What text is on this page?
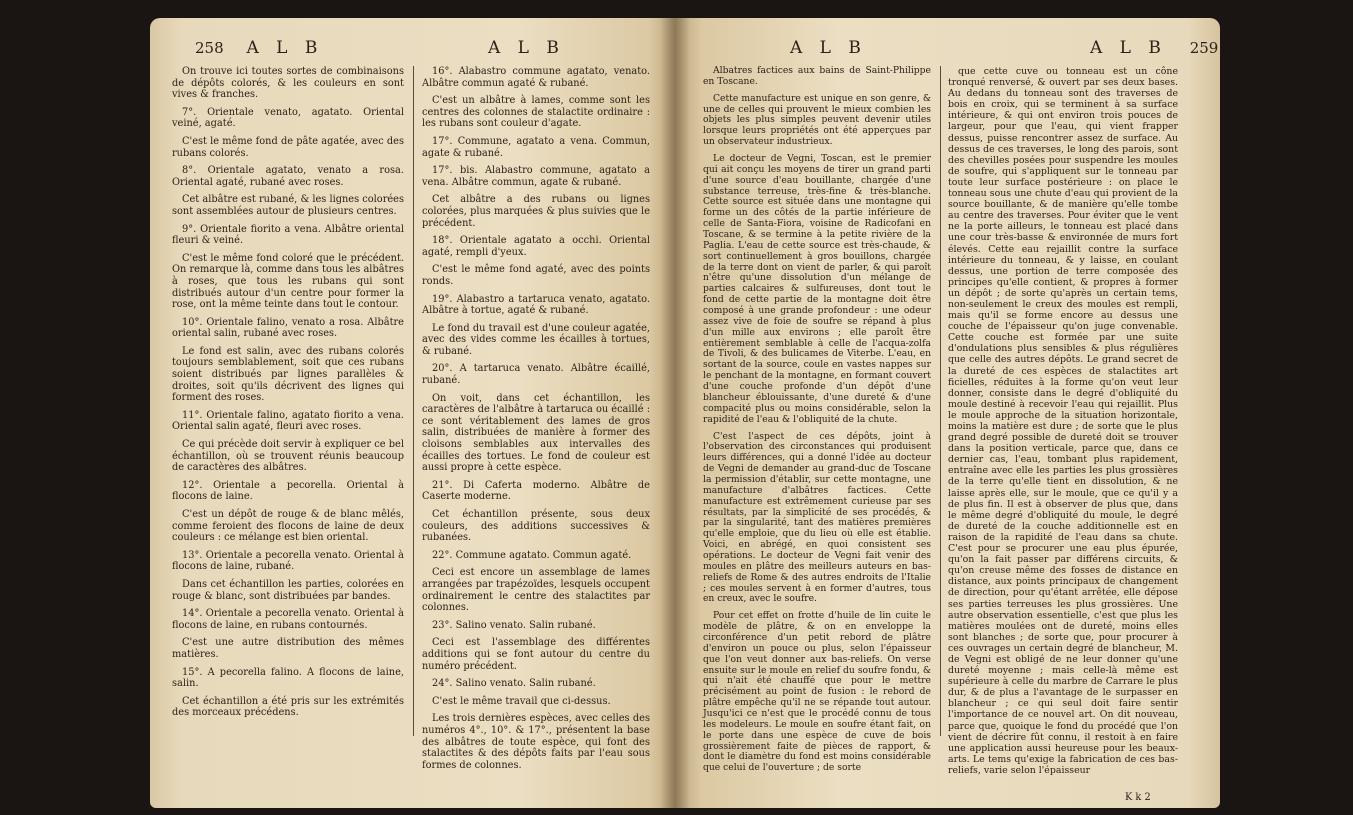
258 A L B	A L B	A L B	A L B 259

On trouve ici toutes sortes de combinaisons de dépôts colorés, & les couleurs en sont vives & franches.

7°. Orientale venato, agatato. Oriental veiné, agaté.

C'est le même fond de pâte agatée, avec des rubans colorés.

8°. Orientale agatato, venato a rosa. Oriental agaté, rubané avec roses.

Cet albâtre est rubané, & les lignes colorées sont assemblées autour de plusieurs centres.

9°. Orientale fiorito a vena. Albâtre oriental fleuri & veiné.

C'est le même fond coloré que le précédent. On remarque là, comme dans tous les albâtres à roses, que tous les rubans qui sont distribués autour d'un centre pour former la rose, ont la même teinte dans tout le contour.

10°. Orientale falino, venato a rosa. Albâtre oriental salin, rubané avec roses.

Le fond est salin, avec des rubans colorés toujours semblablement, soit que ces rubans soient distribués par lignes parallèles & droites, soit qu'ils décrivent des lignes qui forment des roses.

11°. Orientale falino, agatato fiorito a vena. Oriental salin agaté, fleuri avec roses.

Ce qui précède doit servir à expliquer ce bel échantillon, où se trouvent réunis beaucoup de caractères des albâtres.

12°. Orientale a pecorella. Oriental à flocons de laine.

C'est un dépôt de rouge & de blanc mêlés, comme feroient des flocons de laine de deux couleurs : ce mélange est bien oriental.

13°. Orientale a pecorella venato. Oriental à flocons de laine, rubané.

Dans cet échantillon les parties, colorées en rouge & blanc, sont distribuées par bandes.

14°. Orientale a pecorella venato. Oriental à flocons de laine, en rubans contournés.

C'est une autre distribution des mêmes matières.

15°. A pecorella falino. A flocons de laine, salin.

Cet échantillon a été pris sur les extrémités des morceaux précédens.

16°. Alabastro commune agatato, venato. Albâtre commun agaté & rubané.

C'est un albâtre à lames, comme sont les centres des colonnes de stalactite ordinaire : les rubans sont couleur d'agate.

17°. Commune, agatato a vena. Commun, agate & rubané.

17°. bis. Alabastro commune, agatato a vena. Albâtre commun, agate & rubané.

Cet albâtre a des rubans ou lignes colorées, plus marquées & plus suivies que le précédent.

18°. Orientale agatato a occhi. Oriental agaté, rempli d'yeux.

C'est le même fond agaté, avec des points ronds.

19°. Alabastro a tartaruca venato, agatato. Albâtre à tortue, agaté & rubané.

Le fond du travail est d'une couleur agatée, avec des vides comme les écailles à tortues, & rubané.

20°. A tartaruca venato. Albâtre écaillé, rubané.

On voit, dans cet échantillon, les caractères de l'albâtre à tartaruca ou écaillé : ce sont véritablement des lames de gros salin, distribuées de manière à former des cloisons semblables aux intervalles des écailles des tortues. Le fond de couleur est aussi propre à cette espèce.

21°. Di Caferta moderno. Albâtre de Caserte moderne.

Cet échantillon présente, sous deux couleurs, des additions successives & rubanées.

22°. Commune agatato. Commun agaté.

Ceci est encore un assemblage de lames arrangées par trapézoïdes, lesquels occupent ordinairement le centre des stalactites par colonnes.

23°. Salino venato. Salin rubané.

Ceci est l'assemblage des différentes additions qui se font autour du centre du numéro précédent.

24°. Salino venato. Salin rubané.

C'est le même travail que ci-dessus.

Les trois dernières espèces, avec celles des numéros 4°., 10°. & 17°., présentent la base des albâtres de toute espèce, qui font des stalactites & des dépôts faits par l'eau sous formes de colonnes.

Albatres factices aux bains de Saint-Philippe en Toscane.

Cette manufacture est unique en son genre, & une de celles qui prouvent le mieux combien les objets les plus simples peuvent devenir utiles lorsque leurs propriétés ont été apperçues par un observateur industrieux.

Le docteur de Vegni, Toscan, est le premier qui ait conçu les moyens de tirer un grand parti d'une source d'eau bouillante, chargée d'une substance terreuse, très-fine & très-blanche. Cette source est située dans une montagne qui forme un des côtés de la partie inférieure de celle de Santa-Fiora, voisine de Radicofani en Toscane, & se termine à la petite rivière de la Paglia. L'eau de cette source est très-chaude, & sort continuellement à gros bouillons, chargée de la terre dont on vient de parler, & qui paroît n'être qu'une dissolution d'un mélange de parties calcaires & sulfureuses, dont tout le fond de cette partie de la montagne doit être composé à une grande profondeur : une odeur assez vive de foie de soufre se répand à plus d'un mille aux environs ; elle paroît être entièrement semblable à celle de l'acqua-zolfa de Tivoli, & des bulicames de Viterbe. L'eau, en sortant de la source, coule en vastes nappes sur le penchant de la montagne, en formant couvert d'une couche profonde d'un dépôt d'une blancheur éblouissante, d'une dureté & d'une compacité plus ou moins considérable, selon la rapidité de l'eau & l'obliquité de la chute.

C'est l'aspect de ces dépôts, joint à l'observation des circonstances qui produisent leurs différences, qui a donné l'idée au docteur de Vegni de demander au grand-duc de Toscane la permission d'établir, sur cette montagne, une manufacture d'albâtres factices. Cette manufacture est extrêmement curieuse par ses résultats, par la simplicité de ses procédés, & par la singularité, tant des matières premières qu'elle emploie, que du lieu où elle est établie. Voici, en abrégé, en quoi consistent ses opérations. Le docteur de Vegni fait venir des moules en plâtre des meilleurs auteurs en bas-reliefs de Rome & des autres endroits de l'Italie ; ces moules servent à en former d'autres, tous en creux, avec le soufre.

Pour cet effet on frotte d'huile de lin cuite le modèle de plâtre, & on en enveloppe la circonférence d'un petit rebord de plâtre d'environ un pouce ou plus, selon l'épaisseur que l'on veut donner aux bas-reliefs. On verse ensuite sur le moule en relief du soufre fondu, & qui n'ait été chauffé que pour le mettre précisément au point de fusion : le rebord de plâtre empêche qu'il ne se répande tout autour. Jusqu'ici ce n'est que le procédé connu de tous les modeleurs. Le moule en soufre étant fait, on le porte dans une espèce de cuve de bois grossièrement faite de pièces de rapport, & dont le diamètre du fond est moins considérable que celui de l'ouverture ; de sorte

que cette cuve ou tonneau est un cône tronqué renversé, & ouvert par ses deux bases. Au dedans du tonneau sont des traverses de bois en croix, qui se terminent à sa surface intérieure, & qui ont environ trois pouces de largeur, pour que l'eau, qui vient frapper dessus, puisse rencontrer assez de surface. Au dessus de ces traverses, le long des parois, sont des chevilles posées pour suspendre les moules de soufre, qui s'appliquent sur le tonneau par toute leur surface postérieure : on place le tonneau sous une chute d'eau qui provient de la source bouillante, & de manière qu'elle tombe au centre des traverses. Pour éviter que le vent ne la porte ailleurs, le tonneau est placé dans une cour très-basse & environnée de murs fort élevés. Cette eau rejaillit contre la surface intérieure du tonneau, & y laisse, en coulant dessus, une portion de terre composée des principes qu'elle contient, & propres à former un dépôt ; de sorte qu'après un certain tems, non-seulement le creux des moules est rempli, mais qu'il se forme encore au dessus une couche de l'épaisseur qu'on juge convenable. Cette couche est formée par une suite d'ondulations plus sensibles & plus régulières que celle des autres dépôts. Le grand secret de la dureté de ces espèces de stalactites art ficielles, réduites à la forme qu'on veut leur donner, consiste dans le degré d'obliquité du moule destiné à recevoir l'eau qui rejaillit. Plus le moule approche de la situation horizontale, moins la matière est dure ; de sorte que le plus grand degré possible de dureté doit se trouver dans la position verticale, parce que, dans ce dernier cas, l'eau, tombant plus rapidement, entraîne avec elle les parties les plus grossières de la terre qu'elle tient en dissolution, & ne laisse après elle, sur le moule, que ce qu'il y a de plus fin. Il est à observer de plus que, dans le même degré d'obliquité du moule, le degré de dureté de la couche additionnelle est en raison de la rapidité de l'eau dans sa chute. C'est pour se procurer une eau plus épurée, qu'on la fait passer par différens circuits, & qu'on creuse même des fosses de distance en distance, aux points principaux de changement de direction, pour qu'étant arrêtée, elle dépose ses parties terreuses les plus grossières. Une autre observation essentielle, c'est que plus les matières moulées ont de dureté, moins elles sont blanches ; de sorte que, pour procurer à ces ouvrages un certain degré de blancheur, M. de Vegni est obligé de ne leur donner qu'une dureté moyenne ; mais celle-là même est supérieure à celle du marbre de Carrare le plus dur, & de plus a l'avantage de le surpasser en blancheur ; ce qui seul doit faire sentir l'importance de ce nouvel art. On dit nouveau, parce que, quoique le fond du procédé que l'on vient de décrire fût connu, il restoit à en faire une application aussi heureuse pour les beaux-arts. Le tems qu'exige la fabrication de ces bas-reliefs, varie selon l'épaisseur

K k 2
